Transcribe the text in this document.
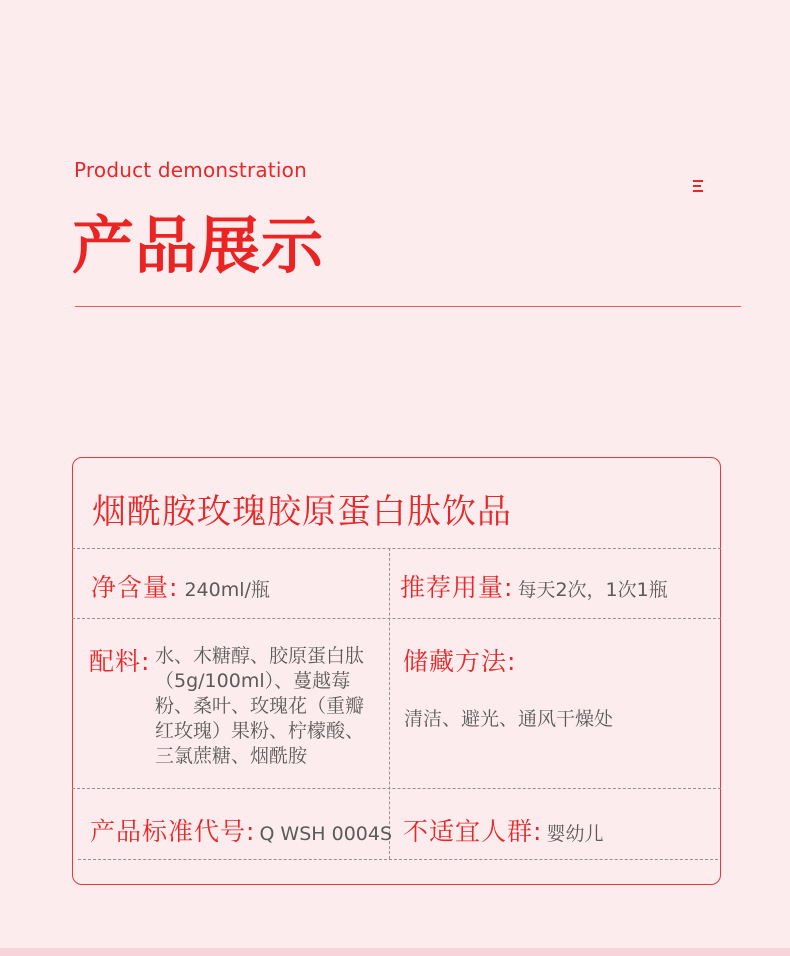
Product demonstration
产品展示
烟酰胺玫瑰胶原蛋白肽饮品
净含量: 240ml/瓶	推荐用量: 每天2次，1次1瓶
配料: 水、木糖醇、胶原蛋白肽（5g/100ml）、蔓越莓粉、桑叶、玫瑰花（重瓣红玫瑰）果粉、柠檬酸、三氯蔗糖、烟酰胺
储藏方法:
清洁、避光、通风干燥处
产品标准代号: Q WSH 0004S 不适宜人群: 婴幼儿
